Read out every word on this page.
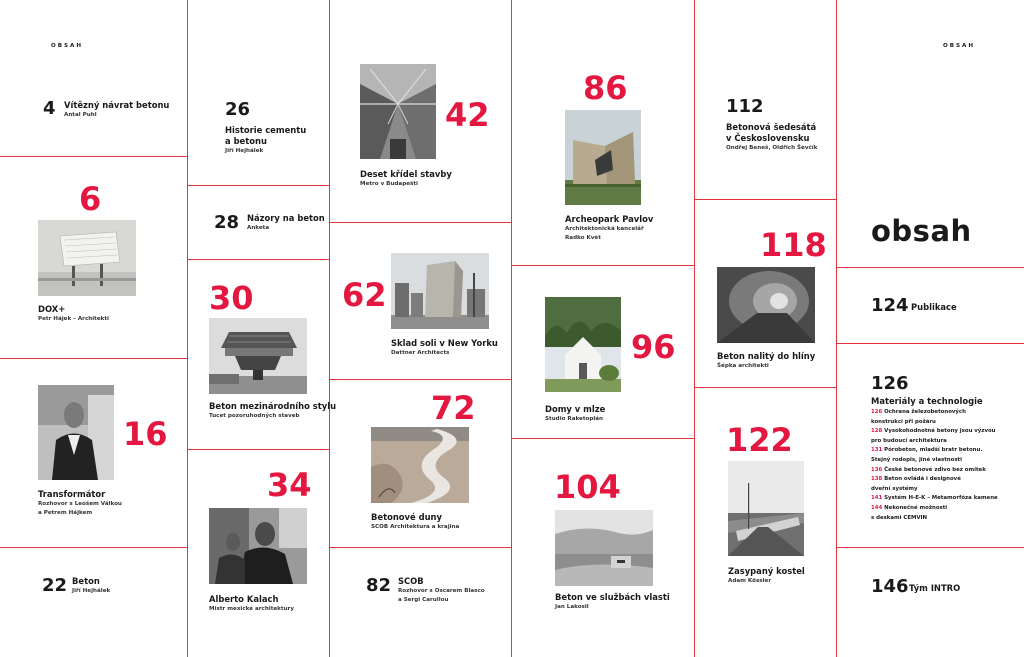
OBSAH	OBSAH
4 Vítězný návrat betonu
Antal Puhl
6
DOX+
Petr Hájek – Architekti
16
Transformátor
Rozhovor s Leošem Válkou
a Petrem Hájkem
22 Beton
Jiří Hejhálek
26
Historie cementu
a betonu
Jiří Hejhálek
28 Názory na beton
Anketa
30
Beton mezinárodního stylu
Tucet pozoruhodných staveb
34
Alberto Kalach
Mistr mexické architektury
42
Deset křídel stavby
Metro v Budapešti
62
Sklad soli v New Yorku
Dattner Architects
72
Betonové duny
SCOB Architektura a krajina
82 SCOB
Rozhovor s Oscarem Blasco
a Sergi Carullou
86
Archeopark Pavlov
Architektonická kancelář
Radko Květ
96
Domy v mlze
Studio Raketoplán
104
Beton ve službách vlasti
Jan Lakosil
112
Betonová šedesátá
v Československu
Ondřej Beneš, Oldřich Ševčík
118
Beton nalitý do hlíny
Šépka architekti
122
Zasypaný kostel
Adam Kössler
obsah
124 Publikace
126
Materiály a technologie
126 Ochrana železobetonových
konstrukcí při požáru
128 Vysokohodnotné betony jsou výzvou
pro budoucí architektura
131 Pórobeton, mladší bratr betonu.
Stejný rodopis, jiné vlastnosti
136 České betonové zdivo bez omítek
138 Beton ovládá i designové
dveřní systémy
141 Systém H-E-K – Metamorfóza kamene
144 Nekonečné možnosti
s deskami CEMVIN
146 Tým INTRO
